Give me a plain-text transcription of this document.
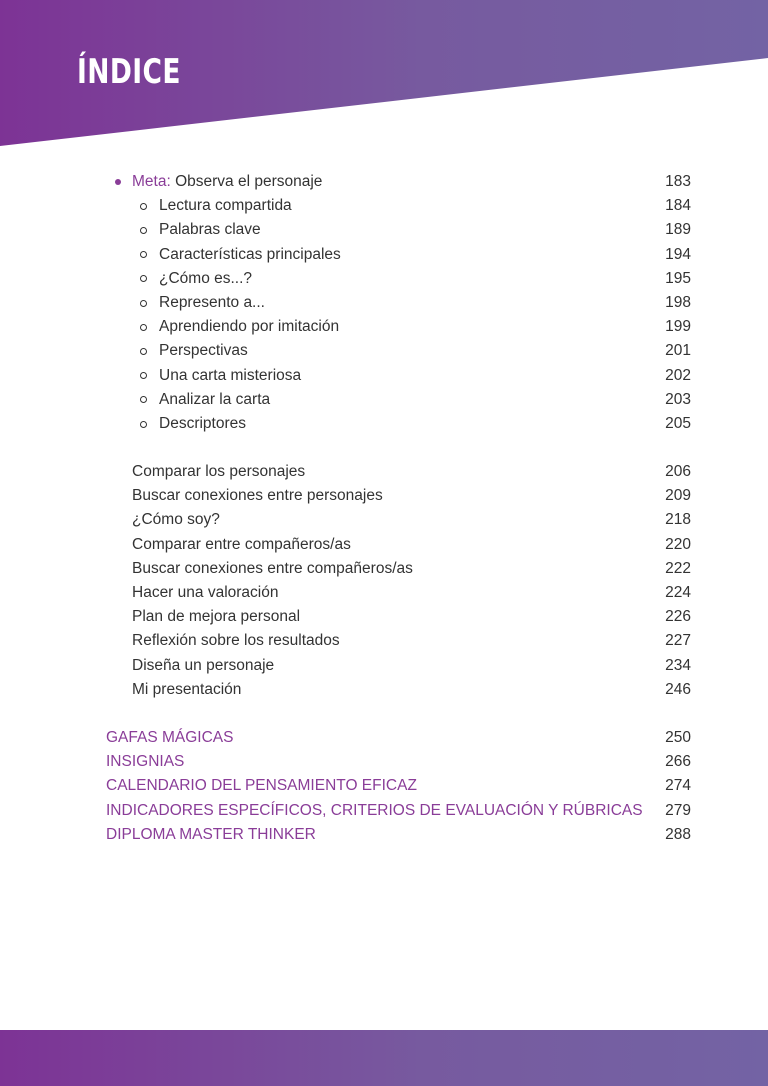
ÍNDICE
Meta: Observa el personaje	183
Lectura compartida	184
Palabras clave	189
Características principales	194
¿Cómo es...?	195
Represento a...	198
Aprendiendo por imitación	199
Perspectivas	201
Una carta misteriosa	202
Analizar la carta	203
Descriptores	205
Comparar los personajes	206
Buscar conexiones entre personajes	209
¿Cómo soy?	218
Comparar entre compañeros/as	220
Buscar conexiones entre compañeros/as	222
Hacer una valoración	224
Plan de mejora personal	226
Reflexión sobre los resultados	227
Diseña un personaje	234
Mi presentación	246
GAFAS MÁGICAS	250
INSIGNIAS	266
CALENDARIO DEL PENSAMIENTO EFICAZ	274
INDICADORES ESPECÍFICOS, CRITERIOS DE EVALUACIÓN Y RÚBRICAS	279
DIPLOMA MASTER THINKER	288
